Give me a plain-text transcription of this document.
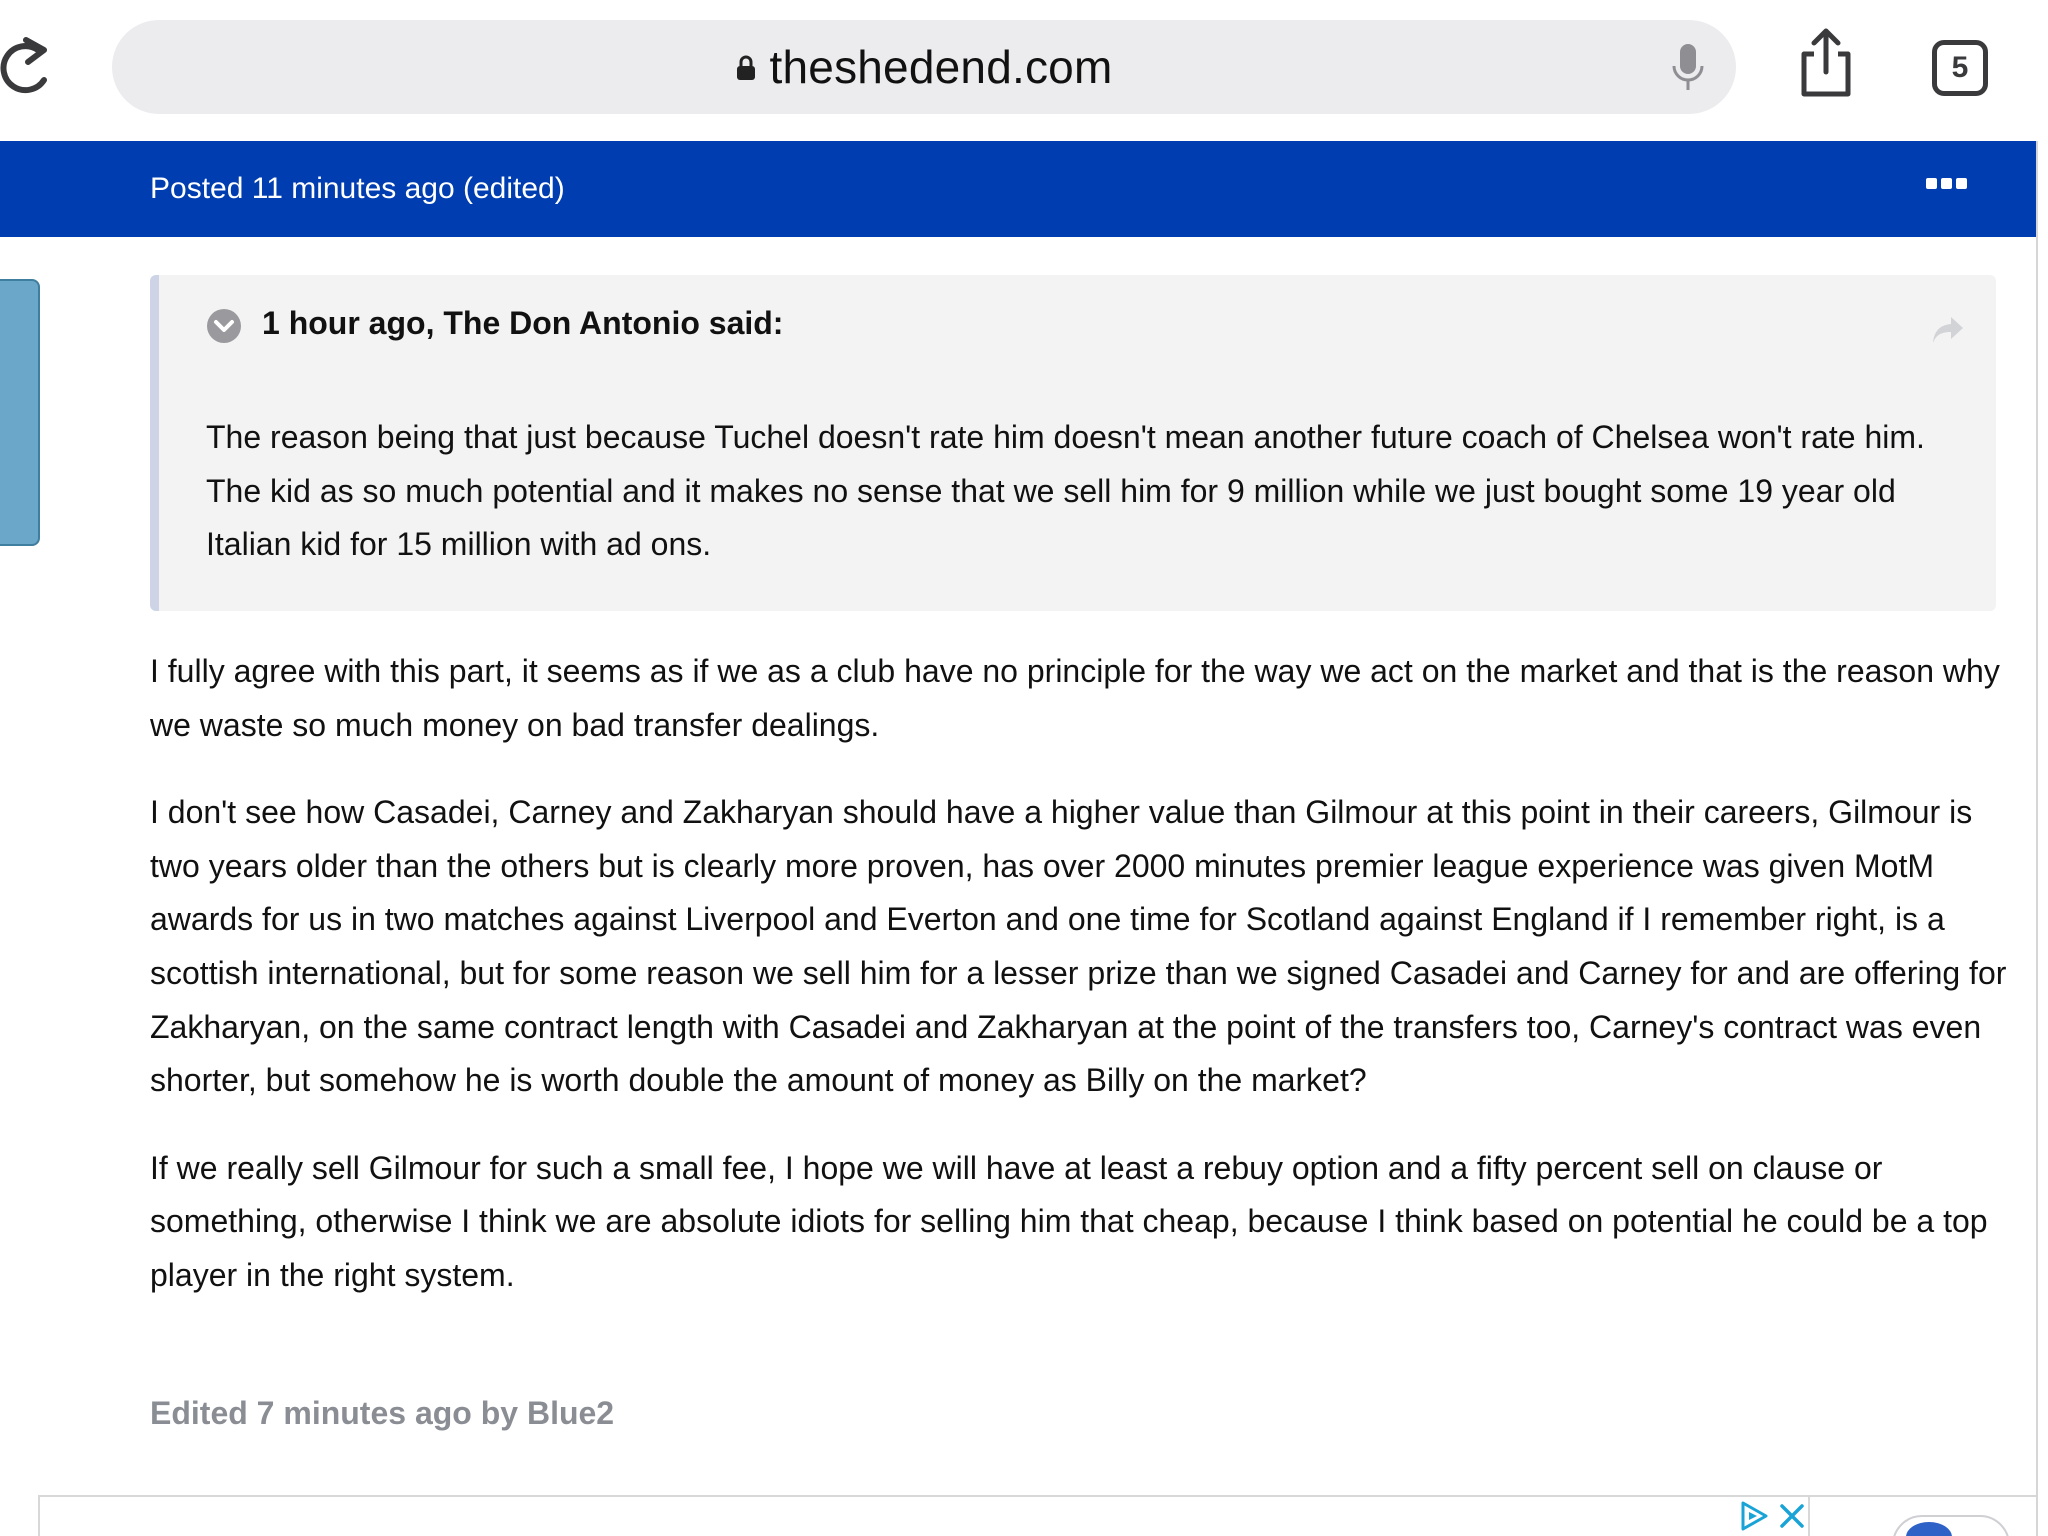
theshedend.com	5
Posted 11 minutes ago (edited)
1 hour ago, The Don Antonio said:

The reason being that just because Tuchel doesn't rate him doesn't mean another future coach of Chelsea won't rate him. The kid as so much potential and it makes no sense that we sell him for 9 million while we just bought some 19 year old Italian kid for 15 million with ad ons.

I fully agree with this part, it seems as if we as a club have no principle for the way we act on the market and that is the reason why we waste so much money on bad transfer dealings.

I don't see how Casadei, Carney and Zakharyan should have a higher value than Gilmour at this point in their careers, Gilmour is two years older than the others but is clearly more proven, has over 2000 minutes premier league experience was given MotM awards for us in two matches against Liverpool and Everton and one time for Scotland against England if I remember right, is a scottish international, but for some reason we sell him for a lesser prize than we signed Casadei and Carney for and are offering for Zakharyan, on the same contract length with Casadei and Zakharyan at the point of the transfers too, Carney's contract was even shorter, but somehow he is worth double the amount of money as Billy on the market?

If we really sell Gilmour for such a small fee, I hope we will have at least a rebuy option and a fifty percent sell on clause or something, otherwise I think we are absolute idiots for selling him that cheap, because I think based on potential he could be a top player in the right system.

Edited 7 minutes ago by Blue2
